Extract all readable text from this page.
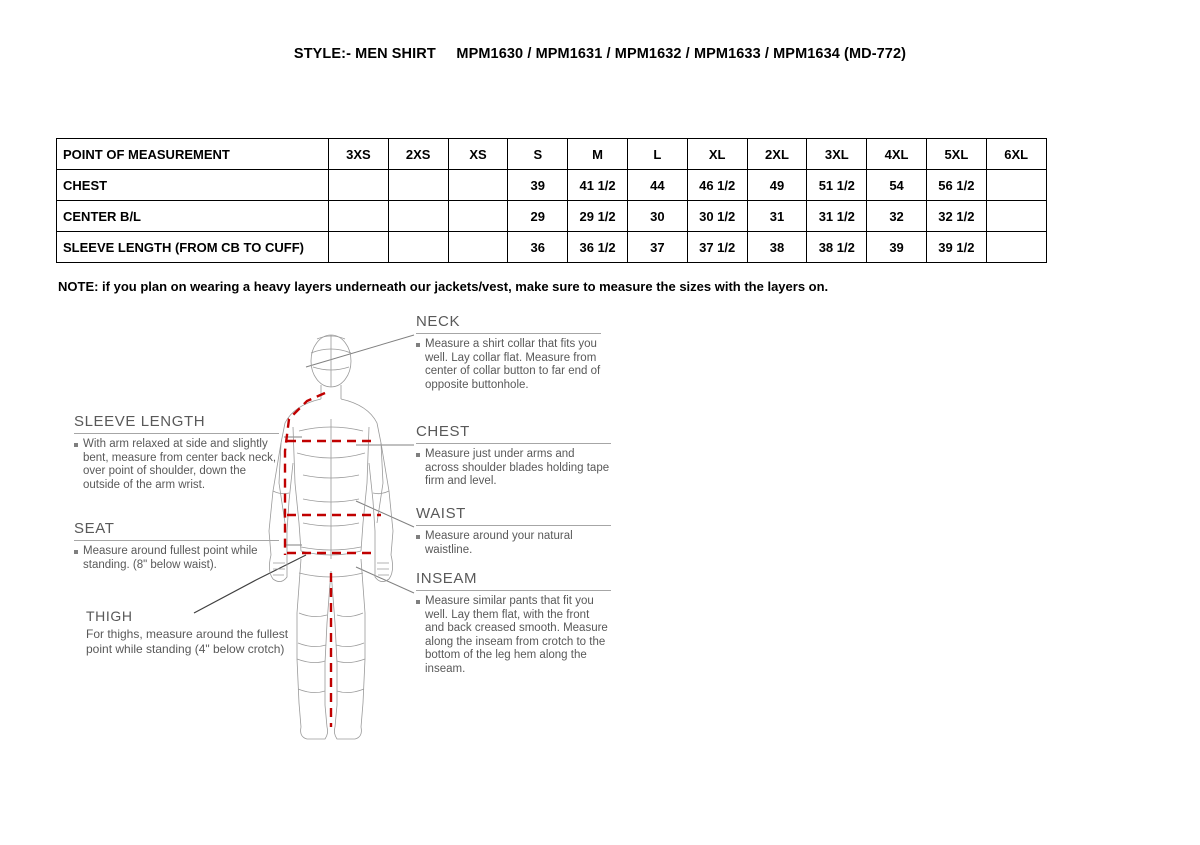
STYLE:- MEN SHIRT     MPM1630 / MPM1631 / MPM1632 / MPM1633 / MPM1634 (MD-772)
POINT OF MEASUREMENT	3XS	2XS	XS	S	M	L	XL	2XL	3XL	4XL	5XL	6XL
CHEST				39	41 1/2	44	46 1/2	49	51 1/2	54	56 1/2	
CENTER B/L				29	29 1/2	30	30 1/2	31	31 1/2	32	32 1/2	
SLEEVE LENGTH (FROM CB TO CUFF)				36	36 1/2	37	37 1/2	38	38 1/2	39	39 1/2	
NOTE: if you plan on wearing a heavy layers underneath our jackets/vest, make sure to measure the sizes with the layers on.
SLEEVE LENGTH
With arm relaxed at side and slightly bent, measure from center back neck, over point of shoulder, down the outside of the arm wrist.
SEAT
Measure around fullest point while standing. (8" below waist).
THIGH
For thighs, measure around the fullest point while standing (4" below crotch)
NECK
Measure a shirt collar that fits you well. Lay collar flat. Measure from center of collar button to far end of opposite buttonhole.
CHEST
Measure just under arms and across shoulder blades holding tape firm and level.
WAIST
Measure around your natural waistline.
INSEAM
Measure similar pants that fit you well. Lay them flat, with the front and back creased smooth. Measure along the inseam from crotch to the bottom of the leg hem along the inseam.
